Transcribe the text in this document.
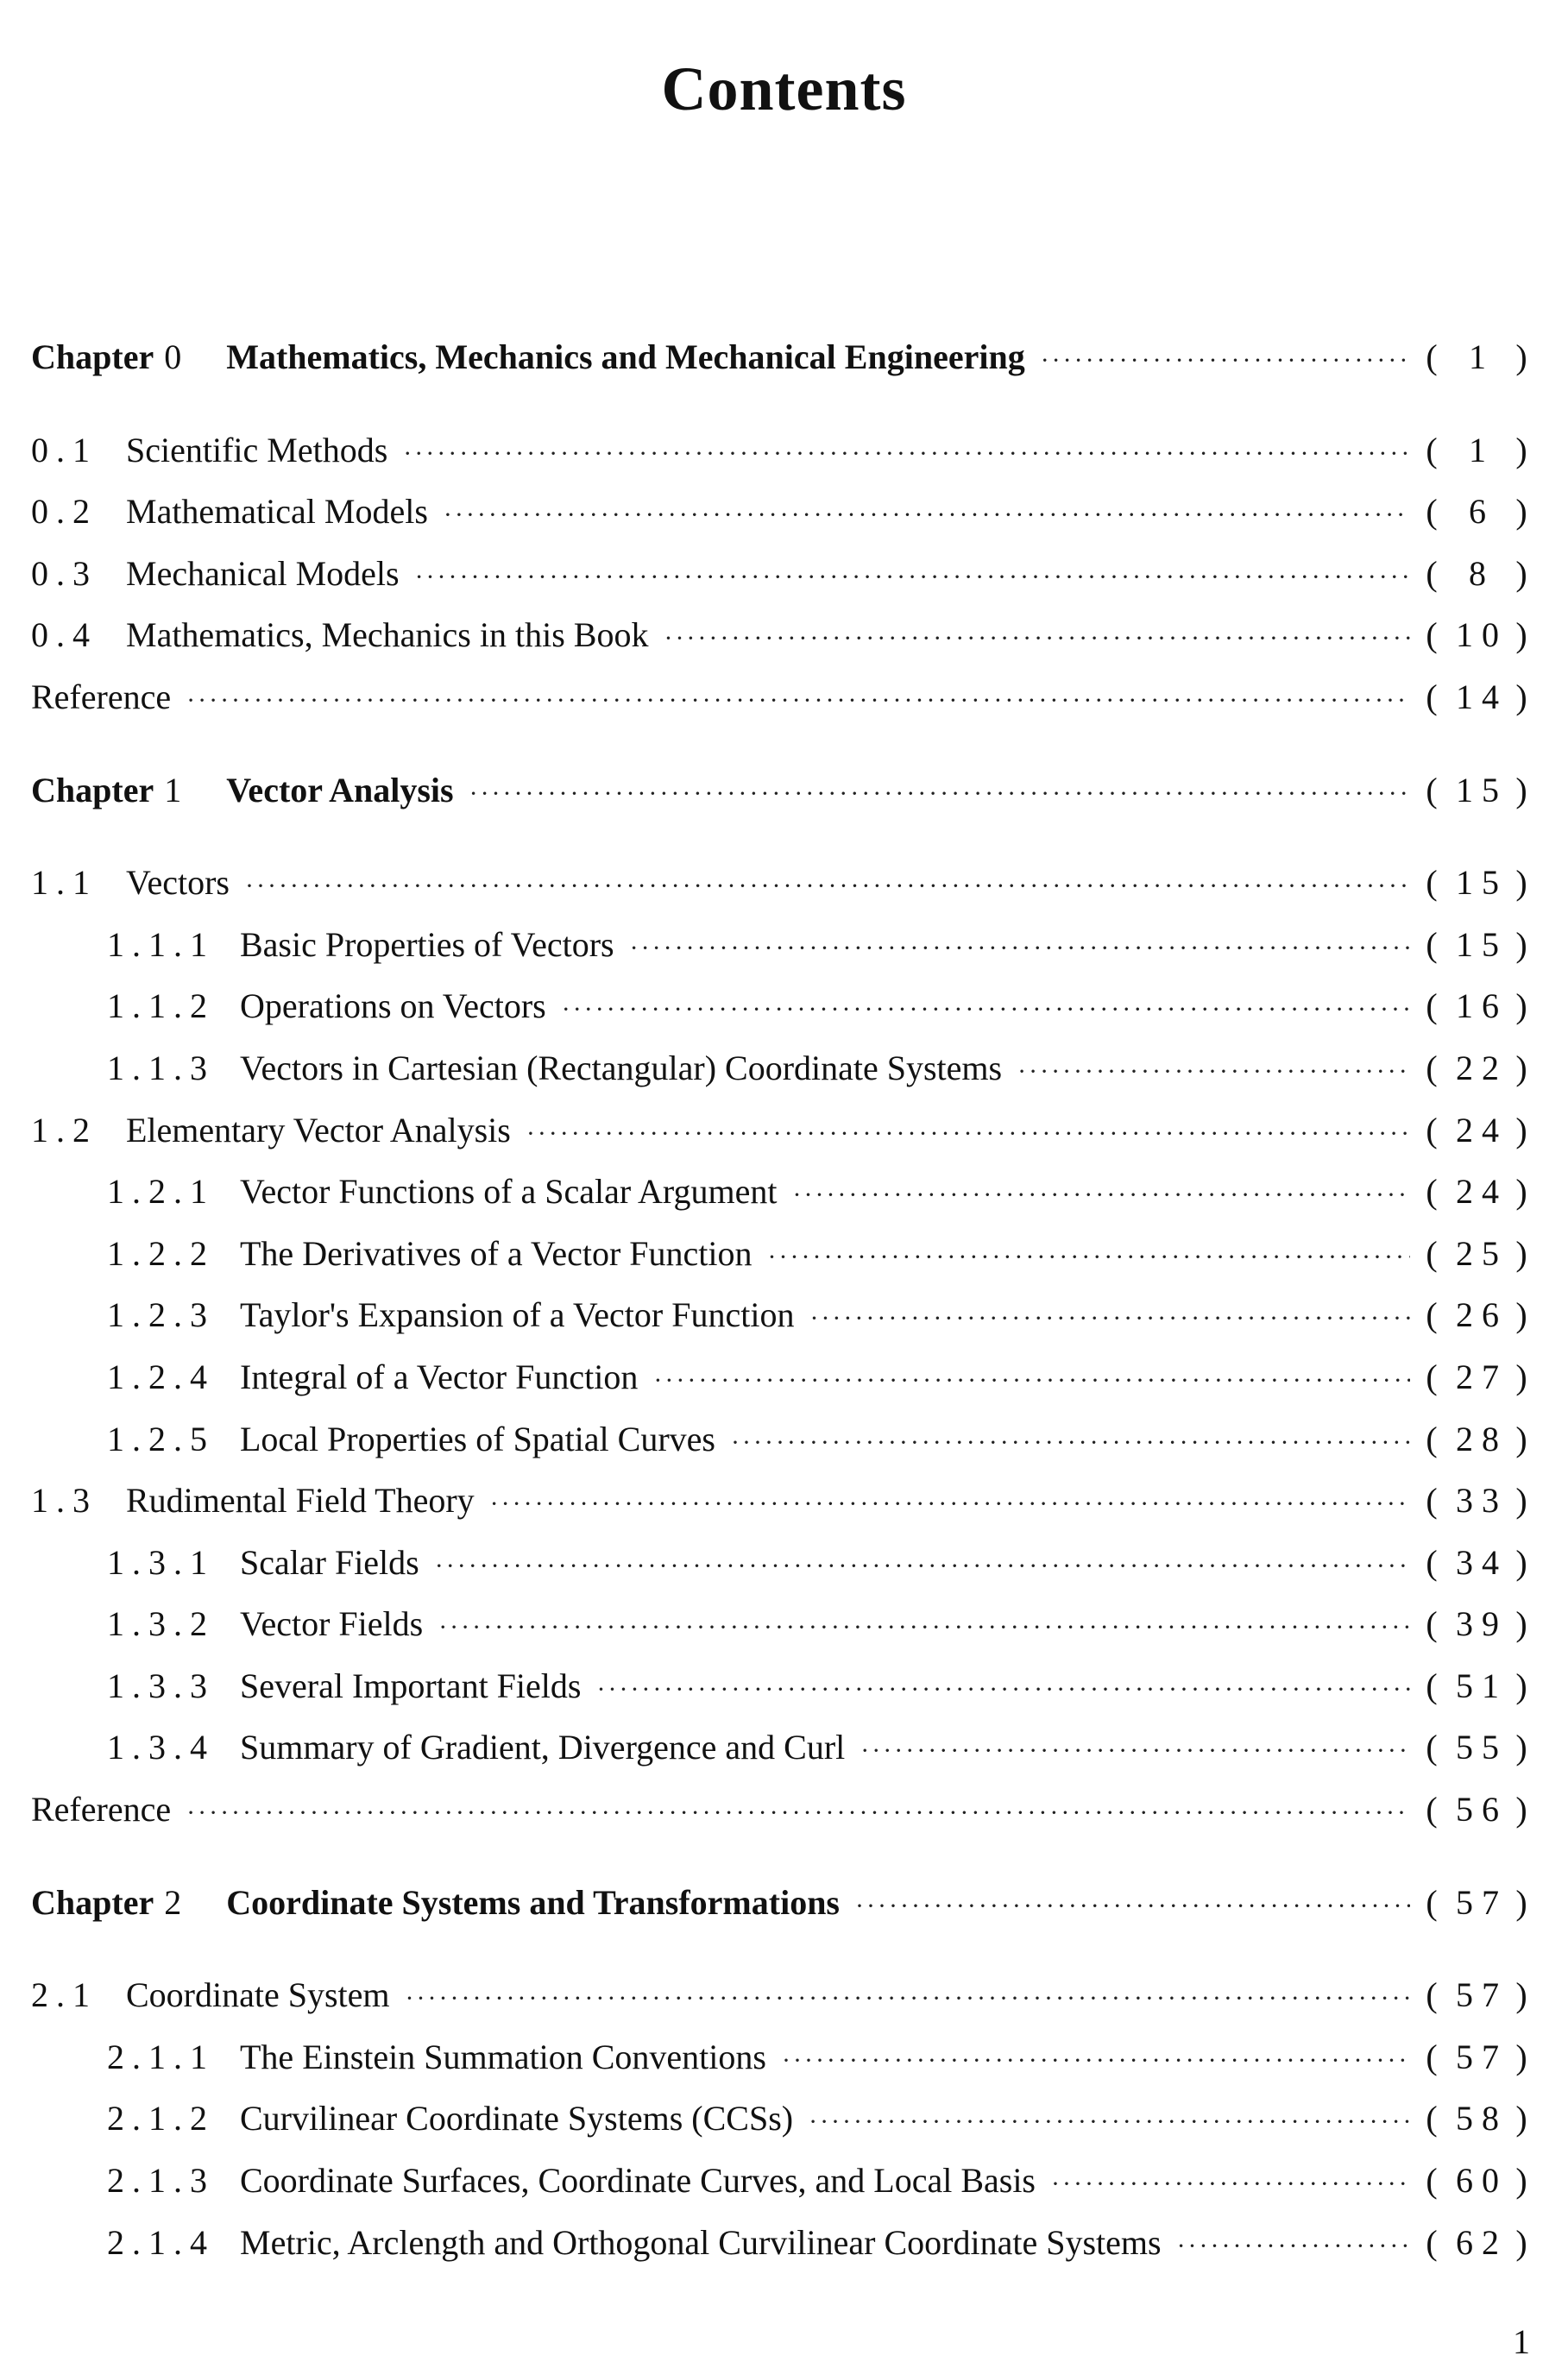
Contents
Chapter 0 Mathematics, Mechanics and Mechanical Engineering ·····	( 1 )
0.1 Scientific Methods ·····	( 1 )
0.2 Mathematical Models ·····	( 6 )
0.3 Mechanical Models ·····	( 8 )
0.4 Mathematics, Mechanics in this Book ·····	( 10 )
Reference ·····	( 14 )
Chapter 1 Vector Analysis ·····	( 15 )
1.1 Vectors ·····	( 15 )
1.1.1 Basic Properties of Vectors ·····	( 15 )
1.1.2 Operations on Vectors ·····	( 16 )
1.1.3 Vectors in Cartesian (Rectangular) Coordinate Systems ·····	( 22 )
1.2 Elementary Vector Analysis ·····	( 24 )
1.2.1 Vector Functions of a Scalar Argument ·····	( 24 )
1.2.2 The Derivatives of a Vector Function ·····	( 25 )
1.2.3 Taylor's Expansion of a Vector Function ·····	( 26 )
1.2.4 Integral of a Vector Function ·····	( 27 )
1.2.5 Local Properties of Spatial Curves ·····	( 28 )
1.3 Rudimental Field Theory ·····	( 33 )
1.3.1 Scalar Fields ·····	( 34 )
1.3.2 Vector Fields ·····	( 39 )
1.3.3 Several Important Fields ·····	( 51 )
1.3.4 Summary of Gradient, Divergence and Curl ·····	( 55 )
Reference ·····	( 56 )
Chapter 2 Coordinate Systems and Transformations ·····	( 57 )
2.1 Coordinate System ·····	( 57 )
2.1.1 The Einstein Summation Conventions ·····	( 57 )
2.1.2 Curvilinear Coordinate Systems (CCSs) ·····	( 58 )
2.1.3 Coordinate Surfaces, Coordinate Curves, and Local Basis ·····	( 60 )
2.1.4 Metric, Arclength and Orthogonal Curvilinear Coordinate Systems ·····	( 62 )
1
